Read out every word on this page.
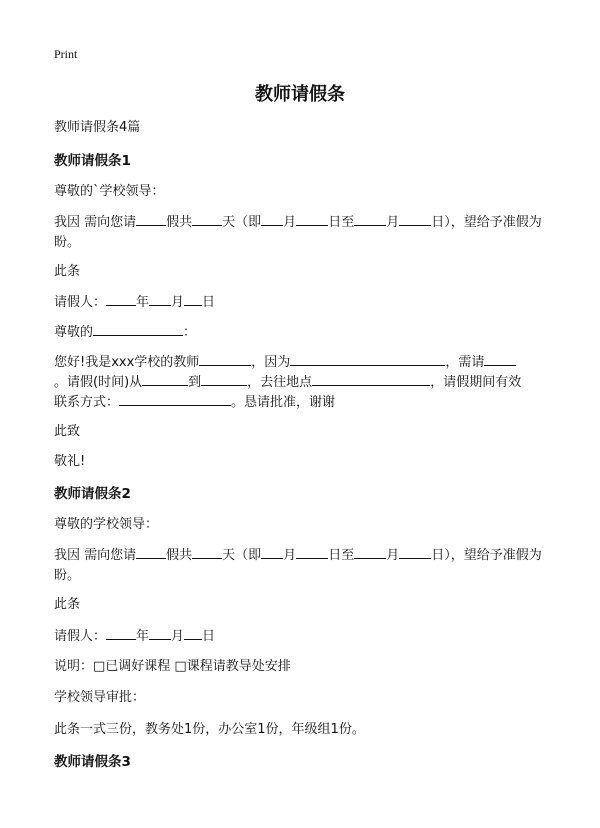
Print
教师请假条
教师请假条4篇
教师请假条1
尊敬的`学校领导：
我因 需向您请 假共 天（即 月 日至 月 日），望给予准假为盼。
此条
请假人： 年 月 日
尊敬的	：
您好!我是xxx学校的教师	，因为	，需请
。请假(时间)从	到	，去往地点	，请假期间有效
联系方式：	。恳请批准，谢谢
此致
敬礼!
教师请假条2
尊敬的学校领导：
我因 需向您请 假共 天（即 月 日至 月 日），望给予准假为盼。
此条
请假人： 年 月 日
说明：□已调好课程 □课程请教导处安排
学校领导审批：
此条一式三份，教务处1份，办公室1份，年级组1份。
教师请假条3
